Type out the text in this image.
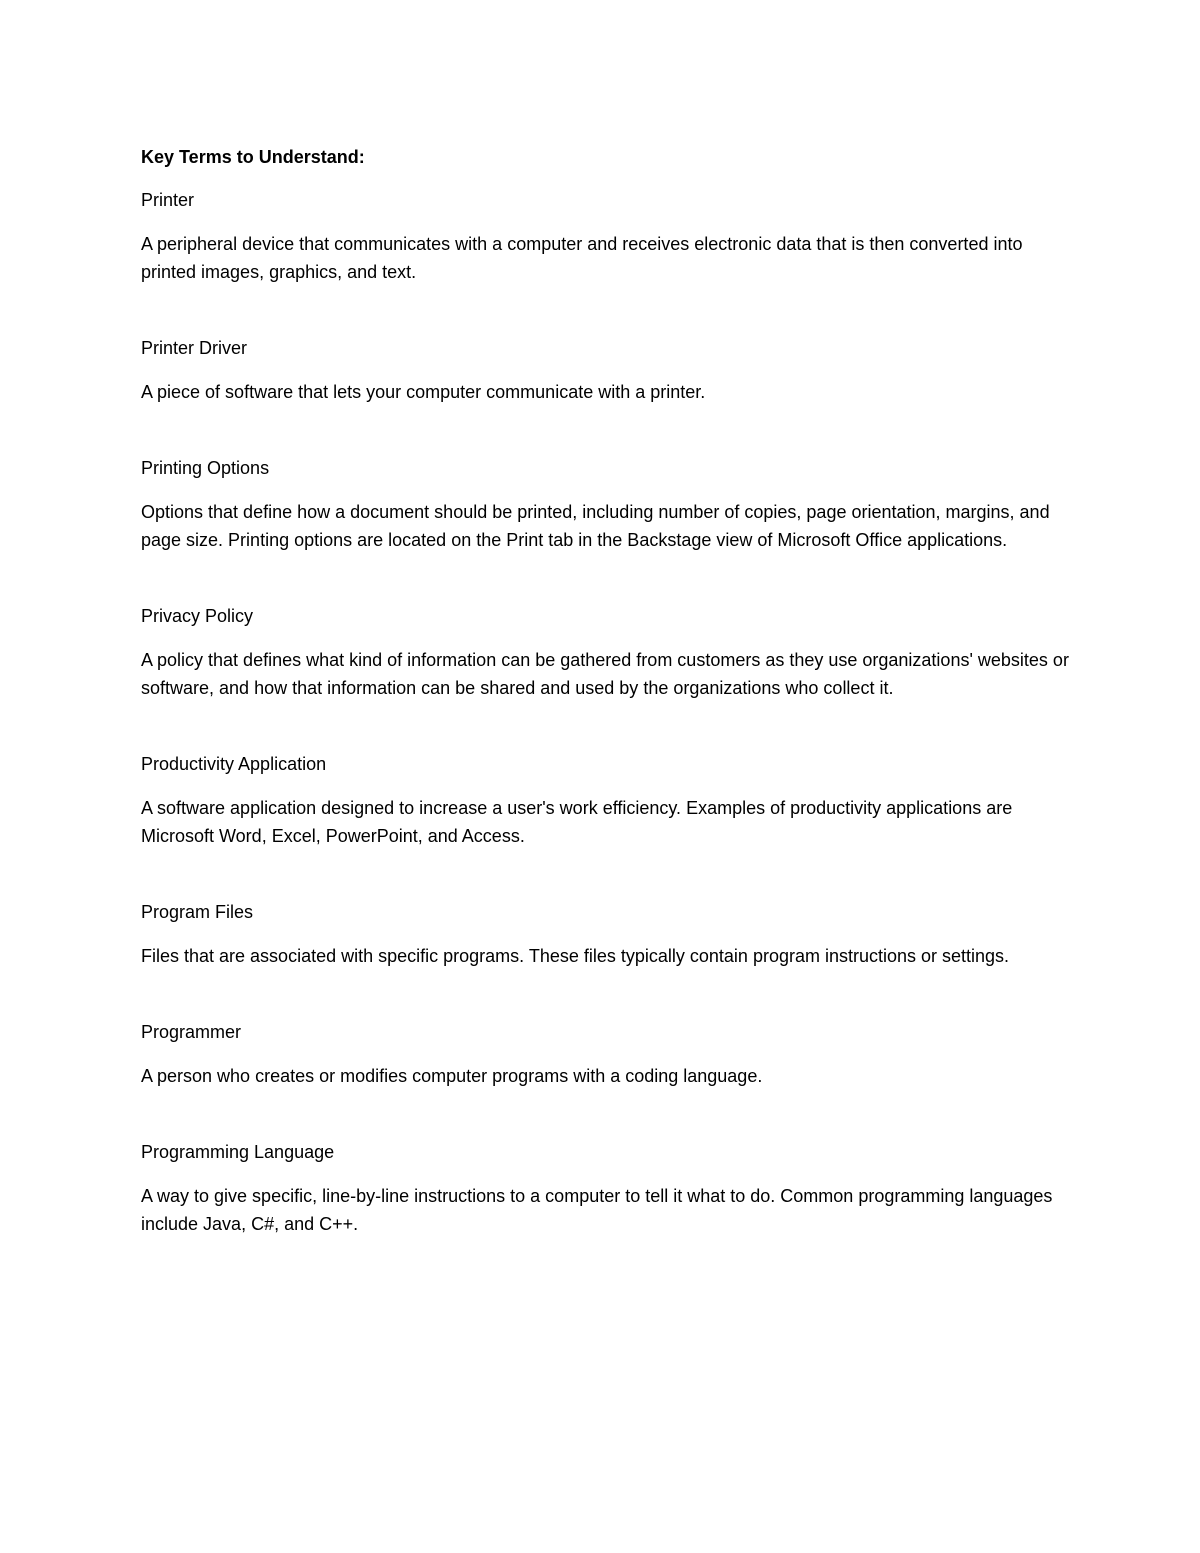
Key Terms to Understand:

Printer

A peripheral device that communicates with a computer and receives electronic data that is then converted into printed images, graphics, and text.

Printer Driver

A piece of software that lets your computer communicate with a printer.

Printing Options

Options that define how a document should be printed, including number of copies, page orientation, margins, and page size. Printing options are located on the Print tab in the Backstage view of Microsoft Office applications.

Privacy Policy

A policy that defines what kind of information can be gathered from customers as they use organizations' websites or software, and how that information can be shared and used by the organizations who collect it.

Productivity Application

A software application designed to increase a user's work efficiency. Examples of productivity applications are Microsoft Word, Excel, PowerPoint, and Access.

Program Files

Files that are associated with specific programs. These files typically contain program instructions or settings.

Programmer

A person who creates or modifies computer programs with a coding language.

Programming Language

A way to give specific, line-by-line instructions to a computer to tell it what to do. Common programming languages include Java, C#, and C++.
